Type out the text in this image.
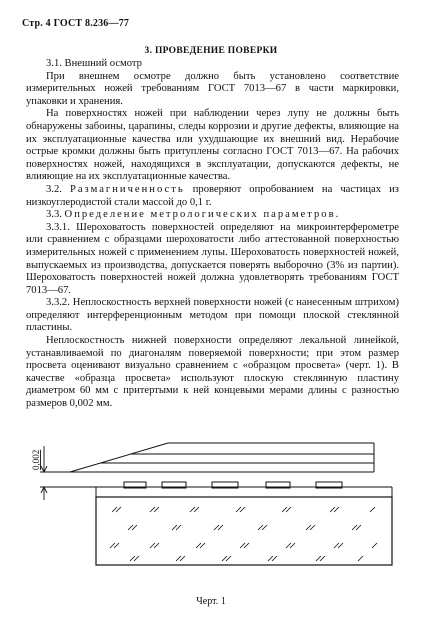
Стр. 4 ГОСТ 8.236—77
3. ПРОВЕДЕНИЕ ПОВЕРКИ

3.1. Внешний осмотр

При внешнем осмотре должно быть установлено соответствие измерительных ножей требованиям ГОСТ 7013—67 в части маркировки, упаковки и хранения.

На поверхностях ножей при наблюдении через лупу не должны быть обнаружены забоины, царапины, следы коррозии и другие дефекты, влияющие на их эксплуатационные качества или ухудшающие их внешний вид. Нерабочие острые кромки должны быть притуплены согласно ГОСТ 7013—67. На рабочих поверхностях ножей, находящихся в эксплуатации, допускаются дефекты, не влияющие на их эксплуатационные качества.

3.2. Размагниченность проверяют опробованием на частицах из низкоуглеродистой стали массой до 0,1 г.

3.3. Определение метрологических параметров.

3.3.1. Шероховатость поверхностей определяют на микроинтерферометре или сравнением с образцами шероховатости либо аттестованной поверхностью измерительных ножей с применением лупы. Шероховатость поверхностей ножей, выпускаемых из производства, допускается поверять выборочно (3% из партии). Шероховатость поверхностей ножей должна удовлетворять требованиям ГОСТ 7013—67.

3.3.2. Неплоскостность верхней поверхности ножей (с нанесенным штрихом) определяют интерференционным методом при помощи плоской стеклянной пластины.

Неплоскостность нижней поверхности определяют лекальной линейкой, устанавливаемой по диагоналям поверяемой поверхности; при этом размер просвета оценивают визуально сравнением с «образцом просвета» (черт. 1). В качестве «образца просвета» используют плоскую стеклянную пластину диаметром 60 мм с притертыми к ней концевыми мерами длины с разностью размеров 0,002 мм.

0,002
Черт. 1
